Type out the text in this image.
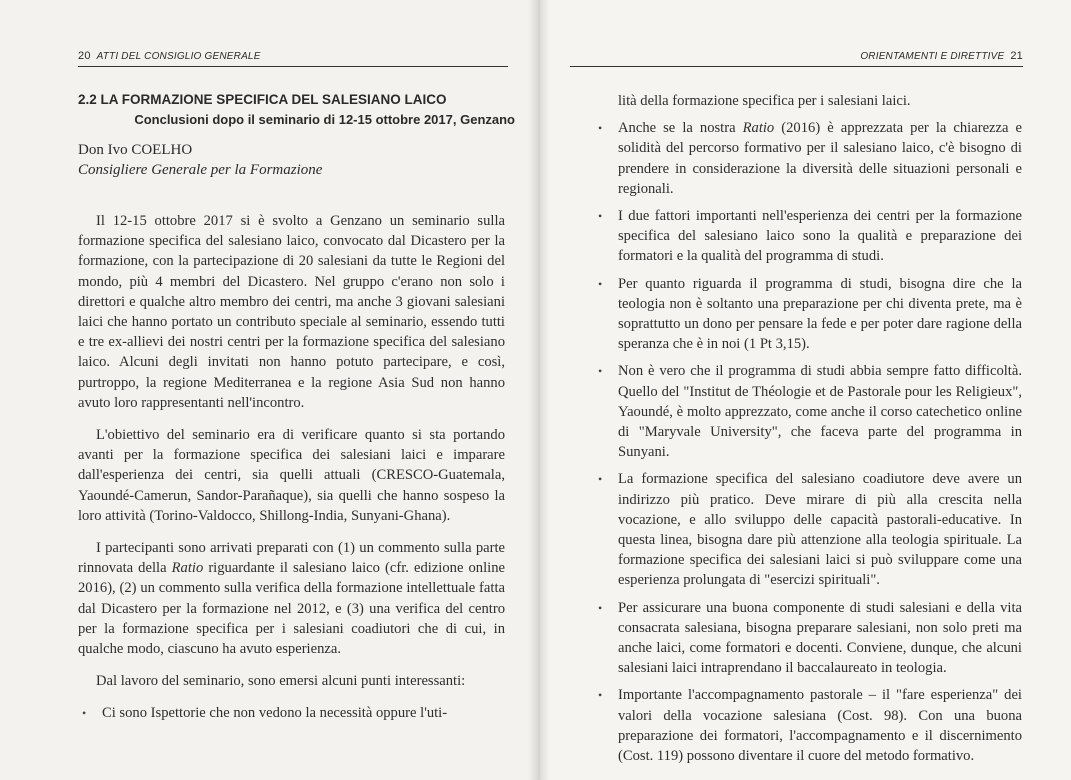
20 ATTI DEL CONSIGLIO GENERALE
2.2 LA FORMAZIONE SPECIFICA DEL SALESIANO LAICO
Conclusioni dopo il seminario di 12-15 ottobre 2017, Genzano
Don Ivo COELHO
Consigliere Generale per la Formazione

Il 12-15 ottobre 2017 si è svolto a Genzano un seminario sulla formazione specifica del salesiano laico, convocato dal Dicastero per la formazione, con la partecipazione di 20 salesiani da tutte le Regioni del mondo, più 4 membri del Dicastero. Nel gruppo c'erano non solo i direttori e qualche altro membro dei centri, ma anche 3 giovani salesiani laici che hanno portato un contributo speciale al seminario, essendo tutti e tre ex-allievi dei nostri centri per la formazione specifica del salesiano laico. Alcuni degli invitati non hanno potuto partecipare, e così, purtroppo, la regione Mediterranea e la regione Asia Sud non hanno avuto loro rappresentanti nell'incontro.

L'obiettivo del seminario era di verificare quanto si sta portando avanti per la formazione specifica dei salesiani laici e imparare dall'esperienza dei centri, sia quelli attuali (CRESCO-Guatemala, Yaoundé-Camerun, Sandor-Parañaque), sia quelli che hanno sospeso la loro attività (Torino-Valdocco, Shillong-India, Sunyani-Ghana).

I partecipanti sono arrivati preparati con (1) un commento sulla parte rinnovata della Ratio riguardante il salesiano laico (cfr. edizione online 2016), (2) un commento sulla verifica della formazione intellettuale fatta dal Dicastero per la formazione nel 2012, e (3) una verifica del centro per la formazione specifica per i salesiani coadiutori che di cui, in qualche modo, ciascuno ha avuto esperienza.

Dal lavoro del seminario, sono emersi alcuni punti interessanti:

• Ci sono Ispettorie che non vedono la necessità oppure l'uti-
ORIENTAMENTI E DIRETTIVE 21

lità della formazione specifica per i salesiani laici.

• Anche se la nostra Ratio (2016) è apprezzata per la chiarezza e solidità del percorso formativo per il salesiano laico, c'è bisogno di prendere in considerazione la diversità delle situazioni personali e regionali.
• I due fattori importanti nell'esperienza dei centri per la formazione specifica del salesiano laico sono la qualità e preparazione dei formatori e la qualità del programma di studi.
• Per quanto riguarda il programma di studi, bisogna dire che la teologia non è soltanto una preparazione per chi diventa prete, ma è soprattutto un dono per pensare la fede e per poter dare ragione della speranza che è in noi (1 Pt 3,15).
• Non è vero che il programma di studi abbia sempre fatto difficoltà. Quello del "Institut de Théologie et de Pastorale pour les Religieux", Yaoundé, è molto apprezzato, come anche il corso catechetico online di "Maryvale University", che faceva parte del programma in Sunyani.
• La formazione specifica del salesiano coadiutore deve avere un indirizzo più pratico. Deve mirare di più alla crescita nella vocazione, e allo sviluppo delle capacità pastorali-educative. In questa linea, bisogna dare più attenzione alla teologia spirituale. La formazione specifica dei salesiani laici si può sviluppare come una esperienza prolungata di "esercizi spirituali".
• Per assicurare una buona componente di studi salesiani e della vita consacrata salesiana, bisogna preparare salesiani, non solo preti ma anche laici, come formatori e docenti. Conviene, dunque, che alcuni salesiani laici intraprendano il baccalaureato in teologia.
• Importante l'accompagnamento pastorale – il "fare esperienza" dei valori della vocazione salesiana (Cost. 98). Con una buona preparazione dei formatori, l'accompagnamento e il discernimento (Cost. 119) possono diventare il cuore del metodo formativo.
